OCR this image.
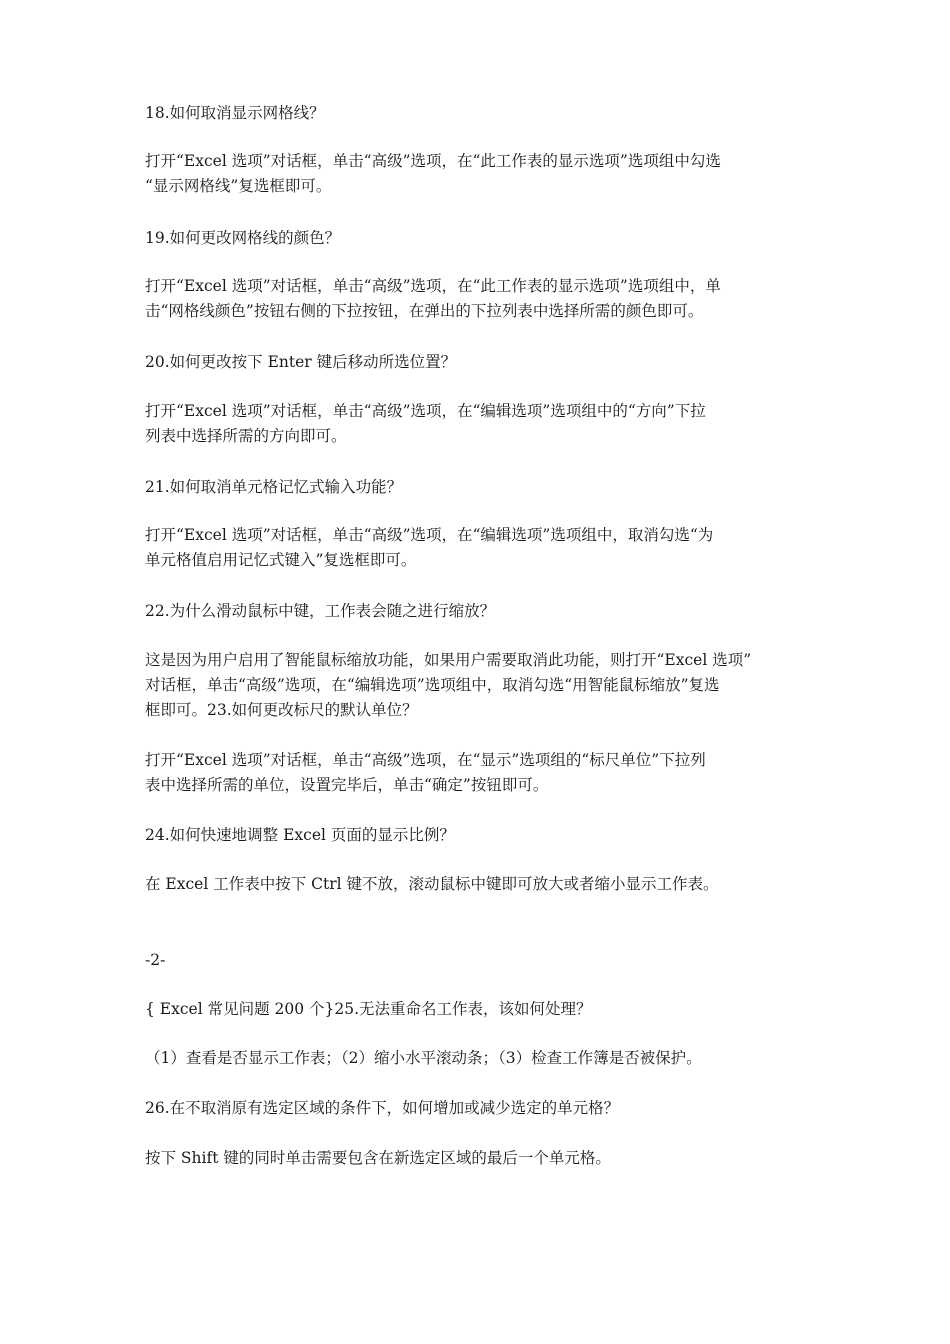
18.如何取消显示网格线？

打开“Excel 选项”对话框，单击“高级”选项，在“此工作表的显示选项”选项组中勾选
“显示网格线”复选框即可。

19.如何更改网格线的颜色？

打开“Excel 选项”对话框，单击“高级”选项，在“此工作表的显示选项”选项组中，单
击“网格线颜色”按钮右侧的下拉按钮，在弹出的下拉列表中选择所需的颜色即可。

20.如何更改按下 Enter 键后移动所选位置？

打开“Excel 选项”对话框，单击“高级”选项，在“编辑选项”选项组中的“方向”下拉
列表中选择所需的方向即可。

21.如何取消单元格记忆式输入功能？

打开“Excel 选项”对话框，单击“高级”选项，在“编辑选项”选项组中，取消勾选“为
单元格值启用记忆式键入”复选框即可。

22.为什么滑动鼠标中键，工作表会随之进行缩放？

这是因为用户启用了智能鼠标缩放功能，如果用户需要取消此功能，则打开“Excel 选项”
对话框，单击“高级”选项，在“编辑选项”选项组中，取消勾选“用智能鼠标缩放”复选
框即可。23.如何更改标尺的默认单位？

打开“Excel 选项”对话框，单击“高级”选项，在“显示”选项组的“标尺单位”下拉列
表中选择所需的单位，设置完毕后，单击“确定”按钮即可。

24.如何快速地调整 Excel 页面的显示比例？

在 Excel 工作表中按下 Ctrl 键不放，滚动鼠标中键即可放大或者缩小显示工作表。

-2-

{ Excel 常见问题 200 个}25.无法重命名工作表，该如何处理？

（1）查看是否显示工作表；（2）缩小水平滚动条；（3）检查工作簿是否被保护。

26.在不取消原有选定区域的条件下，如何增加或减少选定的单元格？

按下 Shift 键的同时单击需要包含在新选定区域的最后一个单元格。
